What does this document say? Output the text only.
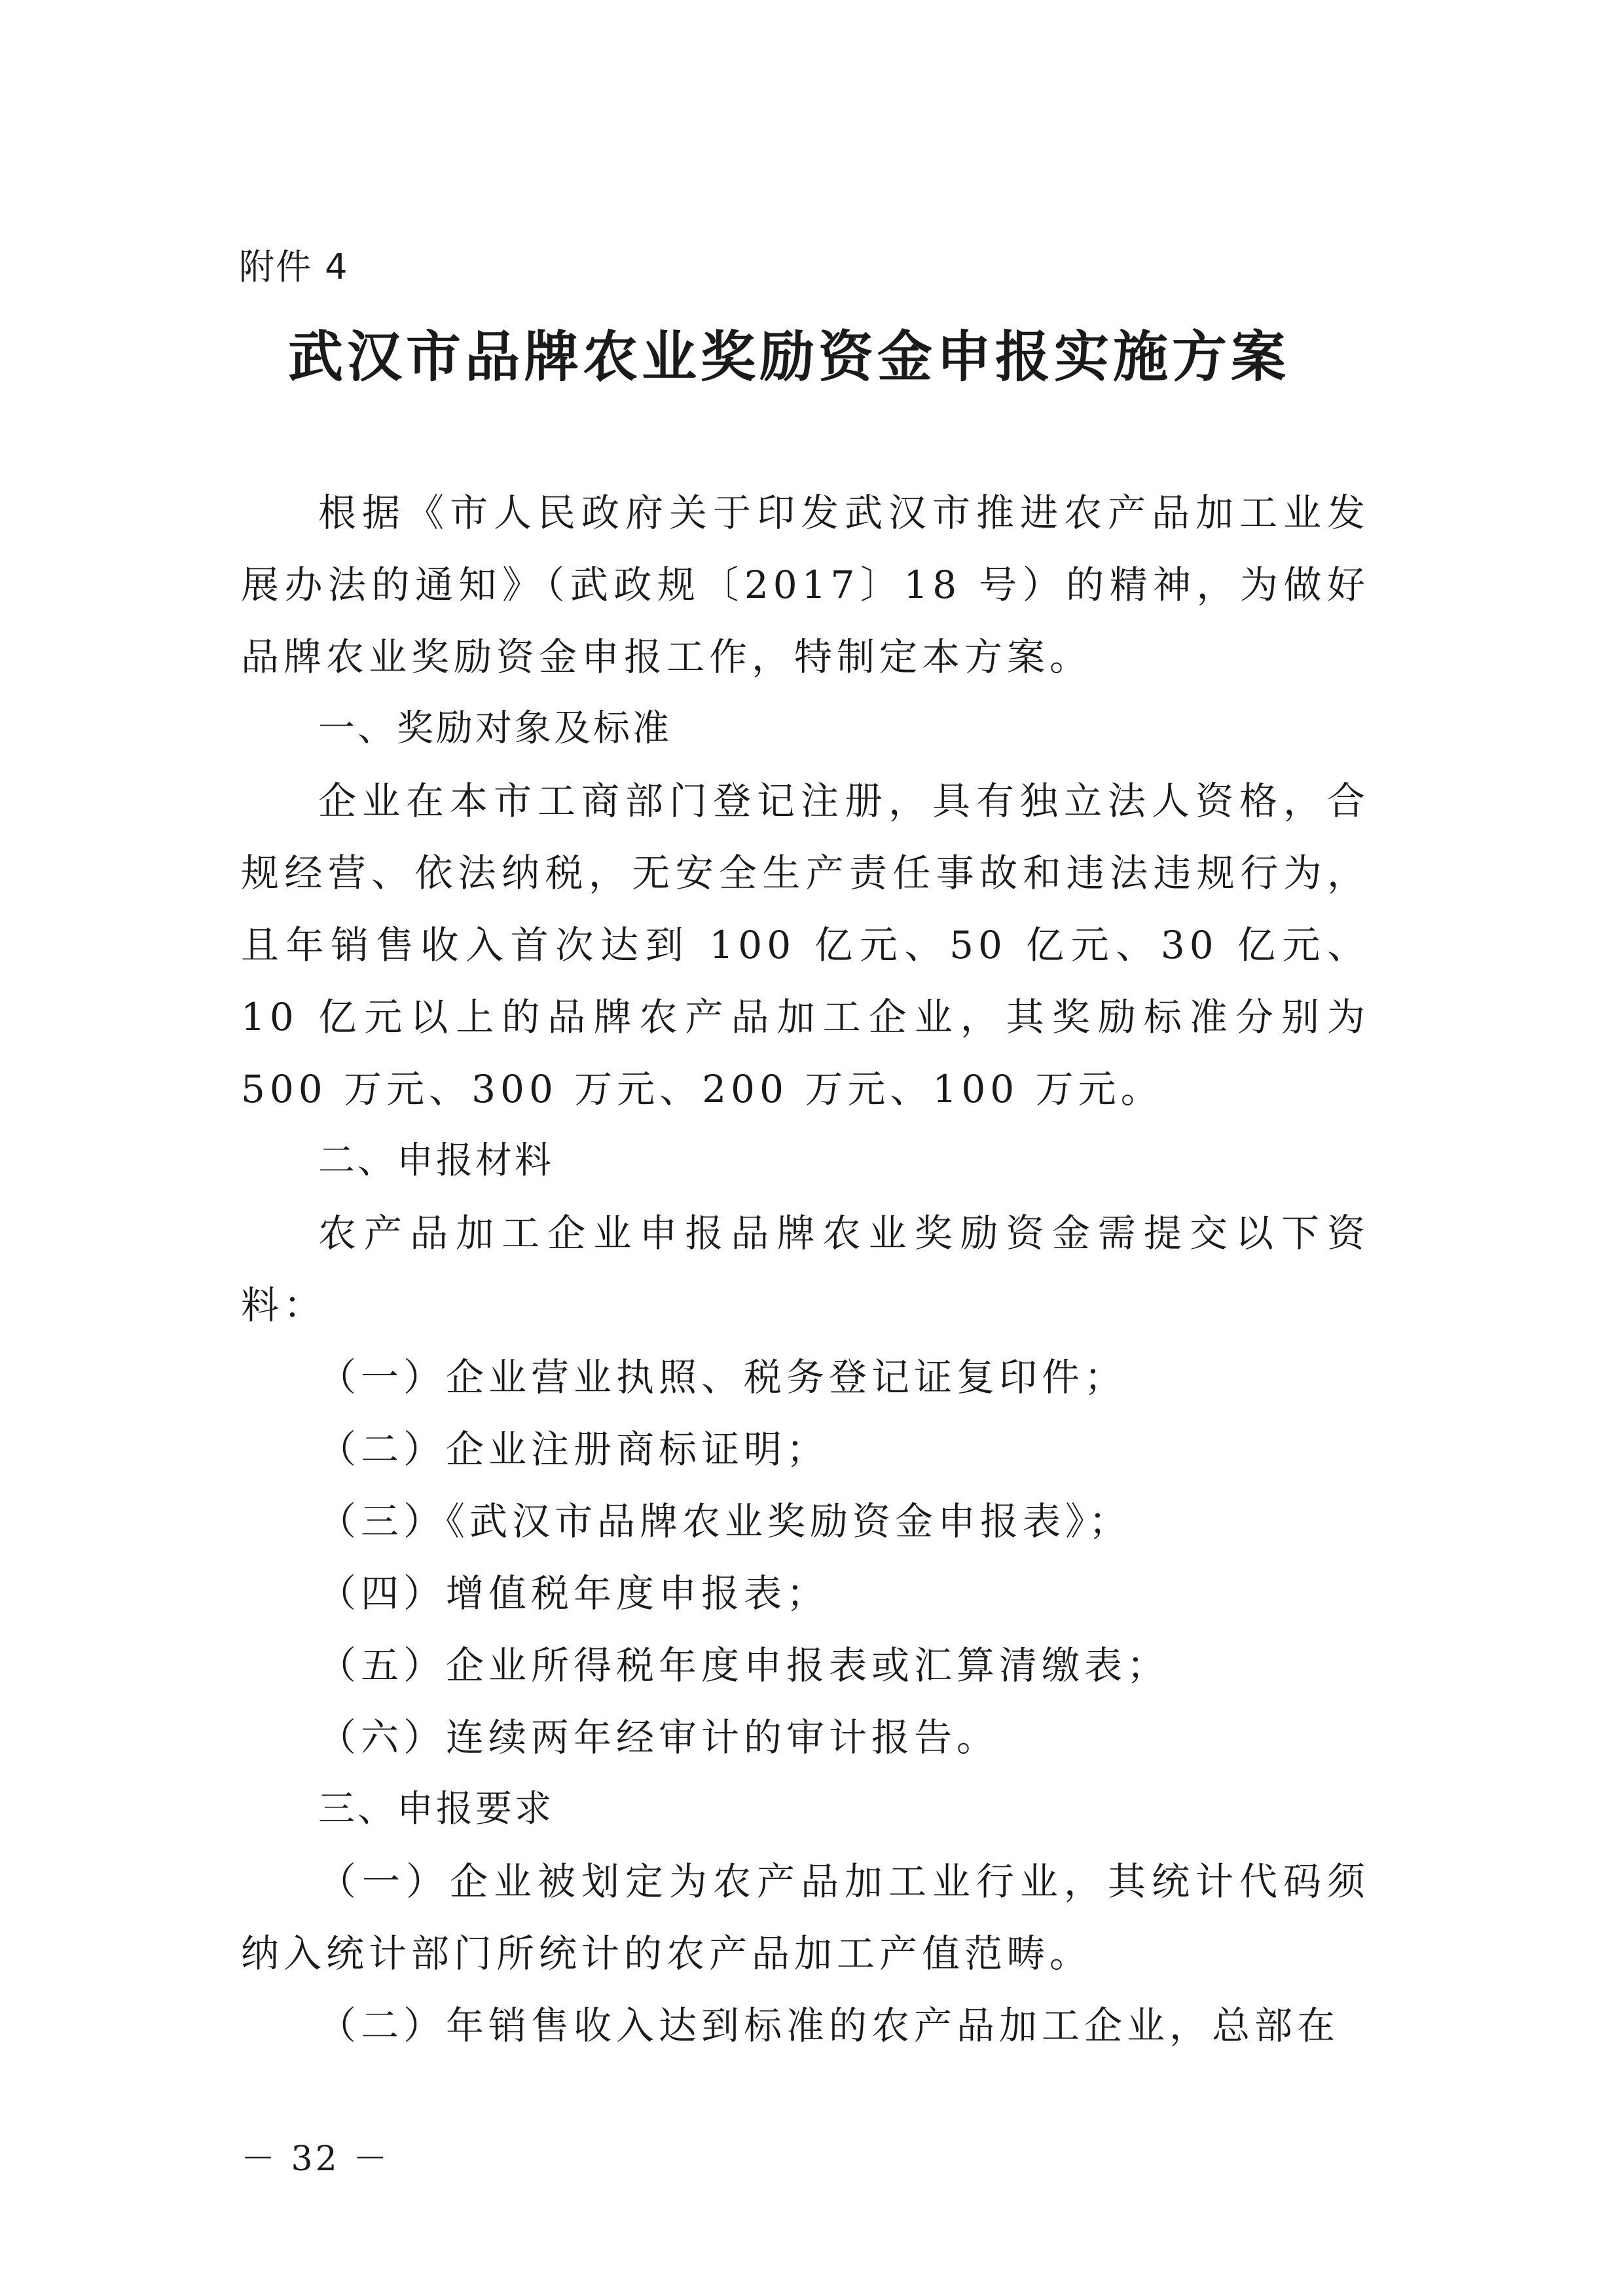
附件 4
武汉市品牌农业奖励资金申报实施方案

根据《市人民政府关于印发武汉市推进农产品加工业发展办法的通知》（武政规〔2017〕18 号）的精神，为做好品牌农业奖励资金申报工作，特制定本方案。

一、奖励对象及标准

企业在本市工商部门登记注册，具有独立法人资格，合规经营、依法纳税，无安全生产责任事故和违法违规行为，且年销售收入首次达到 100 亿元、50 亿元、30 亿元、10 亿元以上的品牌农产品加工企业，其奖励标准分别为 500 万元、300 万元、200 万元、100 万元。

二、申报材料

农产品加工企业申报品牌农业奖励资金需提交以下资料：

（一）企业营业执照、税务登记证复印件；
（二）企业注册商标证明；
（三）《武汉市品牌农业奖励资金申报表》；
（四）增值税年度申报表；
（五）企业所得税年度申报表或汇算清缴表；
（六）连续两年经审计的审计报告。

三、申报要求

（一）企业被划定为农产品加工业行业，其统计代码须纳入统计部门所统计的农产品加工产值范畴。

（二）年销售收入达到标准的农产品加工企业，总部在

－ 32 －
